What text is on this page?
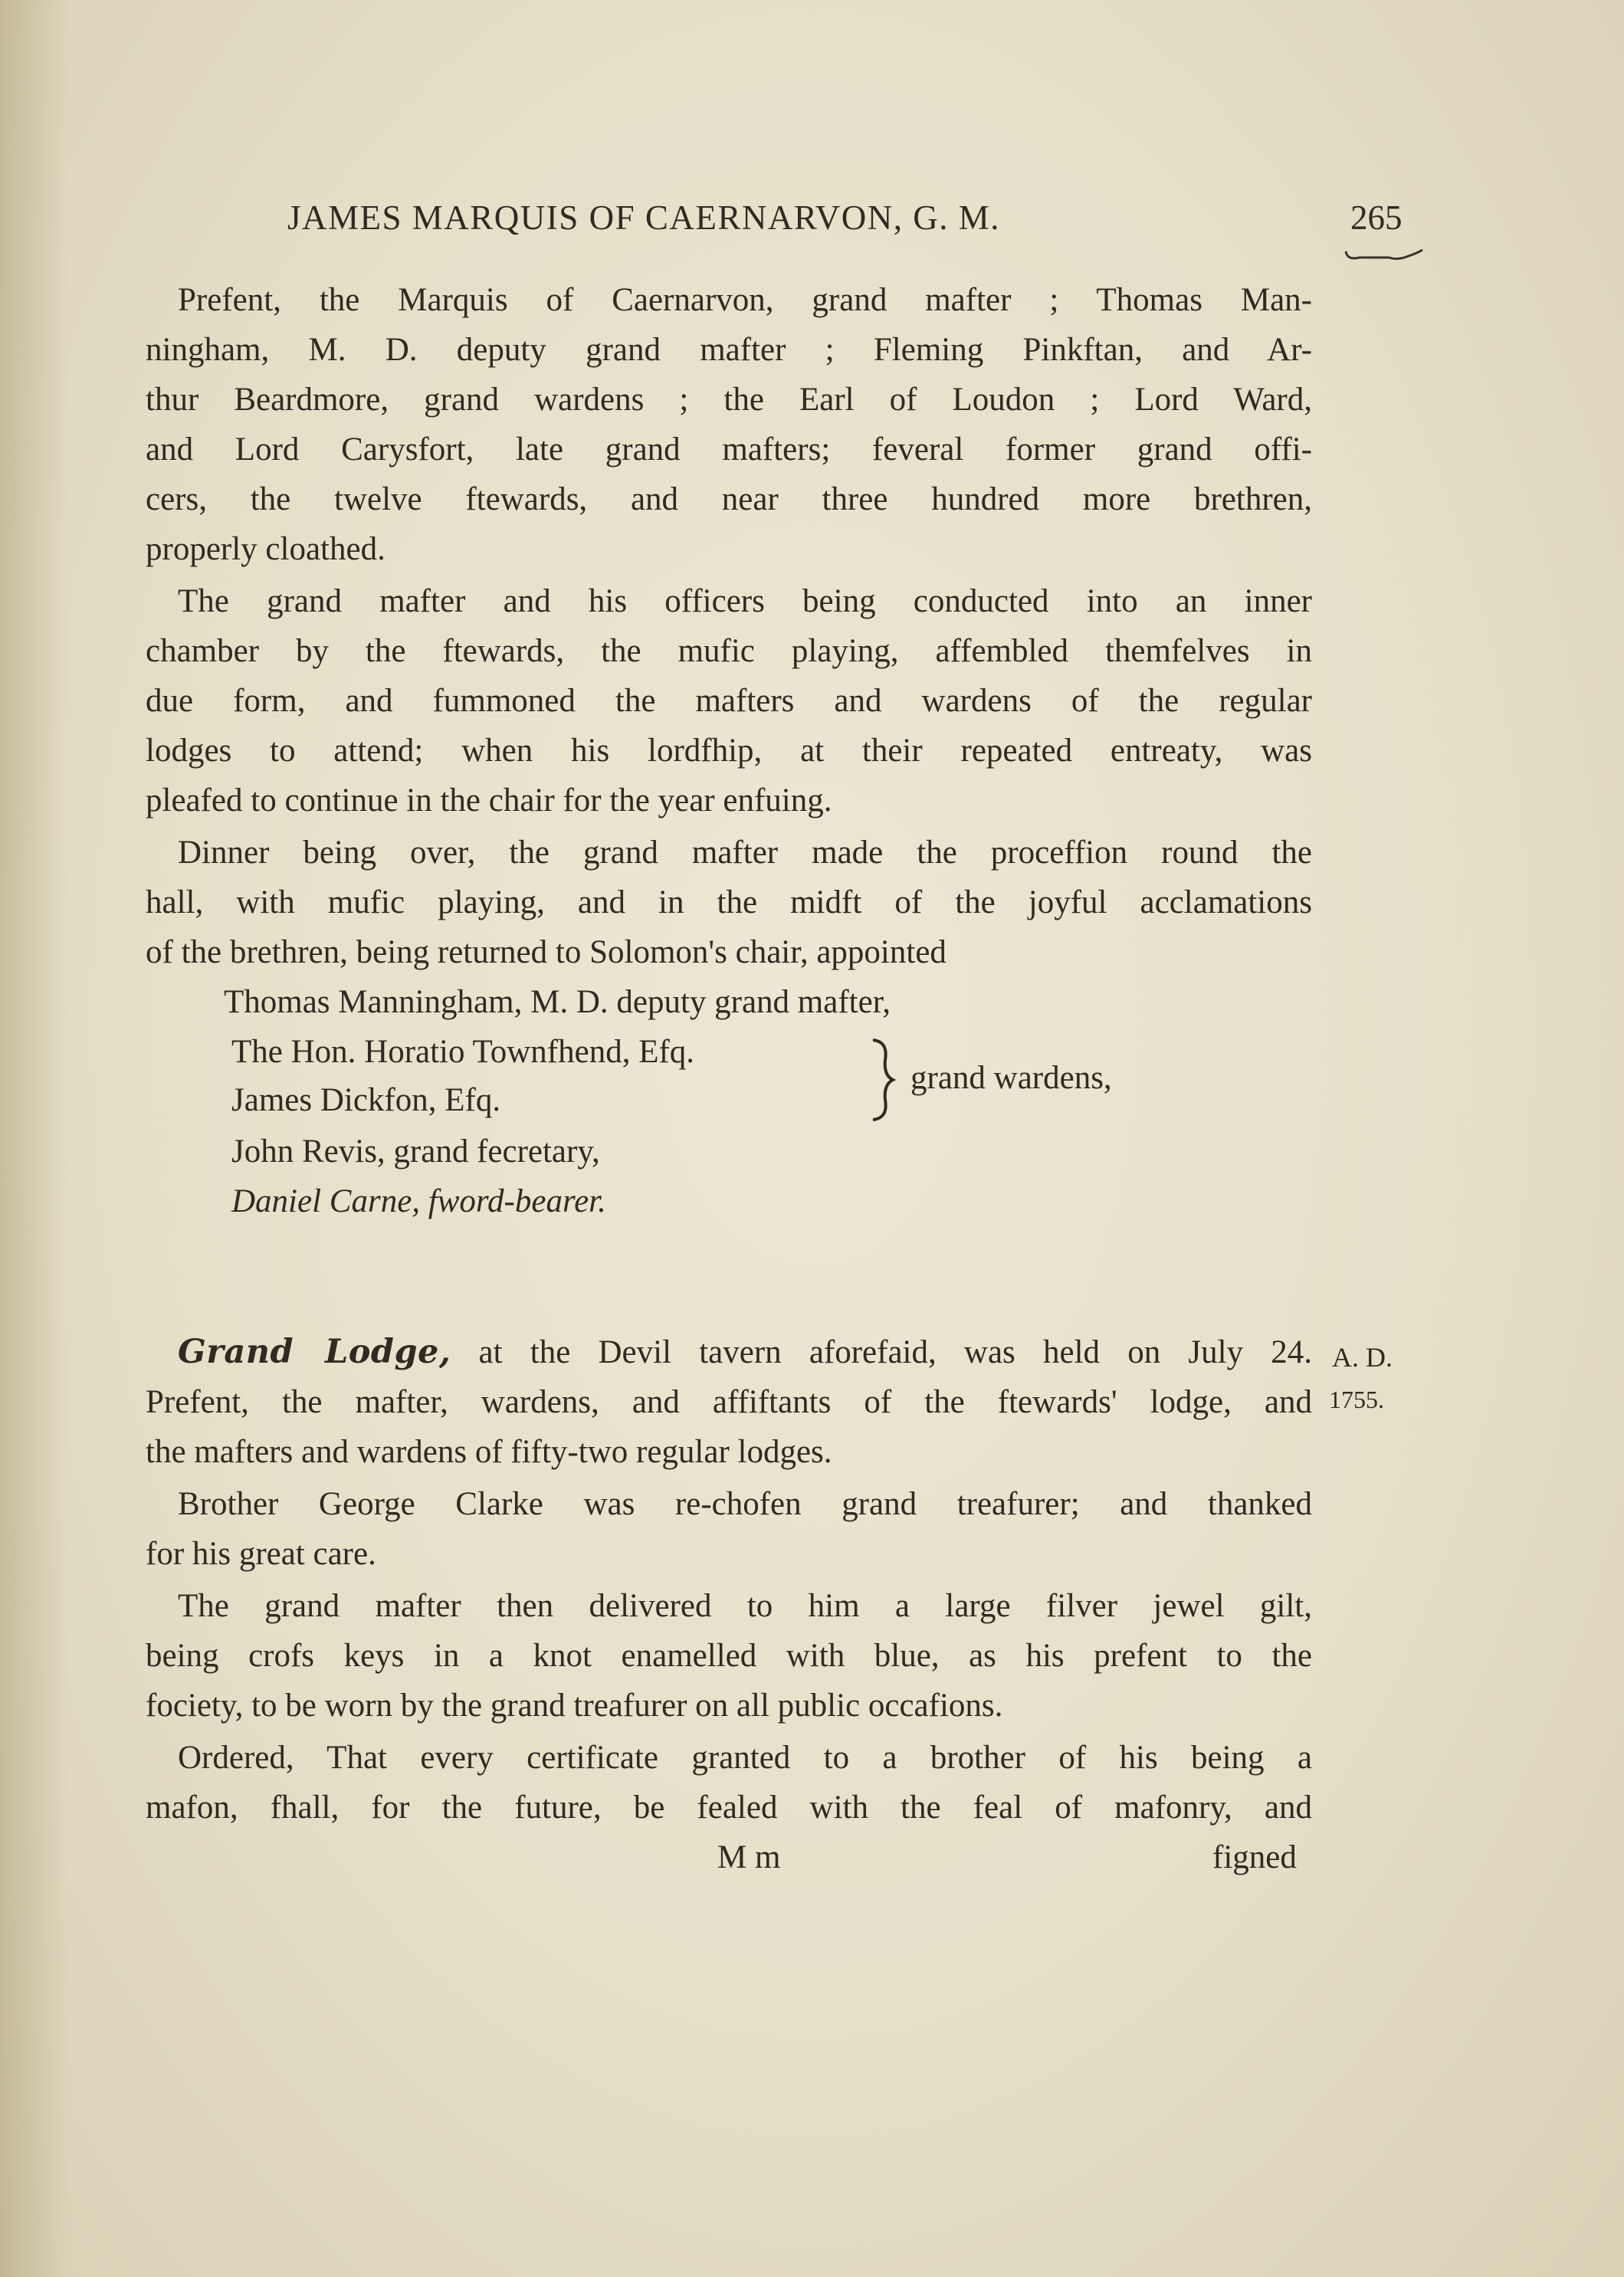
JAMES MARQUIS OF CAERNARVON, G. M.	265
Prefent, the Marquis of Caernarvon, grand mafter ; Thomas Man-
ningham, M. D. deputy grand mafter ; Fleming Pinkftan, and Ar-
thur Beardmore, grand wardens ; the Earl of Loudon ; Lord Ward,
and Lord Carysfort, late grand mafters; feveral former grand offi-
cers, the twelve ftewards, and near three hundred more brethren,
properly cloathed.
The grand mafter and his officers being conducted into an inner
chamber by the ftewards, the mufic playing, affembled themfelves in
due form, and fummoned the mafters and wardens of the regular
lodges to attend; when his lordfhip, at their repeated entreaty, was
pleafed to continue in the chair for the year enfuing.
Dinner being over, the grand mafter made the proceffion round the
hall, with mufic playing, and in the midft of the joyful acclamations
of the brethren, being returned to Solomon's chair, appointed
Thomas Manningham, M. D. deputy grand mafter,
The Hon. Horatio Townfhend, Efq.
James Dickfon, Efq.
grand wardens,
John Revis, grand fecretary,
Daniel Carne, fword-bearer.
Grand Lodge, at the Devil tavern aforefaid, was held on July 24.
Prefent, the mafter, wardens, and affiftants of the ftewards' lodge, and
the mafters and wardens of fifty-two regular lodges.
A. D.
1755.
Brother George Clarke was re-chofen grand treafurer; and thanked
for his great care.
The grand mafter then delivered to him a large filver jewel gilt,
being crofs keys in a knot enamelled with blue, as his prefent to the
fociety, to be worn by the grand treafurer on all public occafions.
Ordered, That every certificate granted to a brother of his being a
mafon, fhall, for the future, be fealed with the feal of mafonry, and
M m	figned
